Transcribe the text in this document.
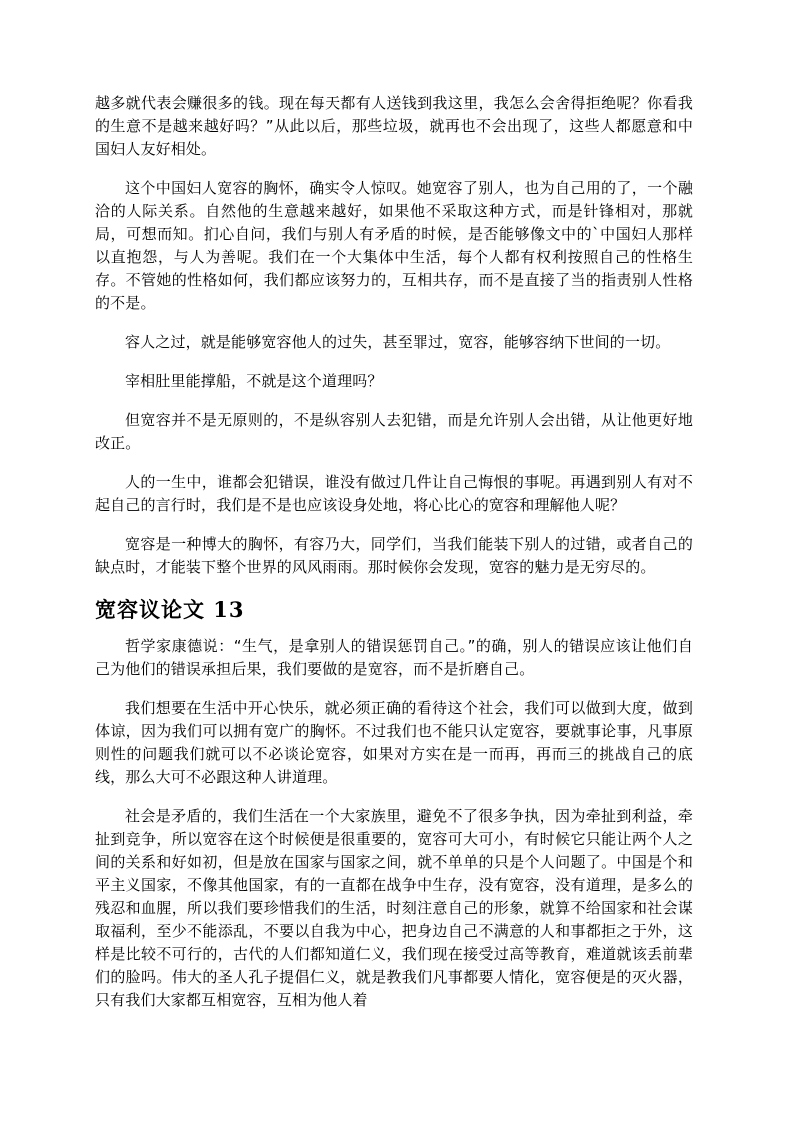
越多就代表会赚很多的钱。现在每天都有人送钱到我这里，我怎么会舍得拒绝呢？你看我的生意不是越来越好吗？”从此以后，那些垃圾，就再也不会出现了，这些人都愿意和中国妇人友好相处。

这个中国妇人宽容的胸怀，确实令人惊叹。她宽容了别人，也为自己用的了，一个融洽的人际关系。自然他的生意越来越好，如果他不采取这种方式，而是针锋相对，那就局，可想而知。扪心自问，我们与别人有矛盾的时候，是否能够像文中的`中国妇人那样以直抱怨，与人为善呢。我们在一个大集体中生活，每个人都有权利按照自己的性格生存。不管她的性格如何，我们都应该努力的，互相共存，而不是直接了当的指责别人性格的不是。

容人之过，就是能够宽容他人的过失，甚至罪过，宽容，能够容纳下世间的一切。

宰相肚里能撑船，不就是这个道理吗？

但宽容并不是无原则的，不是纵容别人去犯错，而是允许别人会出错，从让他更好地改正。

人的一生中，谁都会犯错误，谁没有做过几件让自己悔恨的事呢。再遇到别人有对不起自己的言行时，我们是不是也应该设身处地，将心比心的宽容和理解他人呢？

宽容是一种博大的胸怀，有容乃大，同学们，当我们能装下别人的过错，或者自己的缺点时，才能装下整个世界的风风雨雨。那时候你会发现，宽容的魅力是无穷尽的。

宽容议论文 13

哲学家康德说：“生气，是拿别人的错误惩罚自己。”的确，别人的错误应该让他们自己为他们的错误承担后果，我们要做的是宽容，而不是折磨自己。

我们想要在生活中开心快乐，就必须正确的看待这个社会，我们可以做到大度，做到体谅，因为我们可以拥有宽广的胸怀。不过我们也不能只认定宽容，要就事论事，凡事原则性的问题我们就可以不必谈论宽容，如果对方实在是一而再，再而三的挑战自己的底线，那么大可不必跟这种人讲道理。

社会是矛盾的，我们生活在一个大家族里，避免不了很多争执，因为牵扯到利益，牵扯到竞争，所以宽容在这个时候便是很重要的，宽容可大可小，有时候它只能让两个人之间的关系和好如初，但是放在国家与国家之间，就不单单的只是个人问题了。中国是个和平主义国家，不像其他国家，有的一直都在战争中生存，没有宽容，没有道理，是多么的残忍和血腥，所以我们要珍惜我们的生活，时刻注意自己的形象，就算不给国家和社会谋取福利，至少不能添乱，不要以自我为中心，把身边自己不满意的人和事都拒之于外，这样是比较不可行的，古代的人们都知道仁义，我们现在接受过高等教育，难道就该丢前辈们的脸吗。伟大的圣人孔子提倡仁义，就是教我们凡事都要人情化，宽容便是的灭火器，只有我们大家都互相宽容，互相为他人着
